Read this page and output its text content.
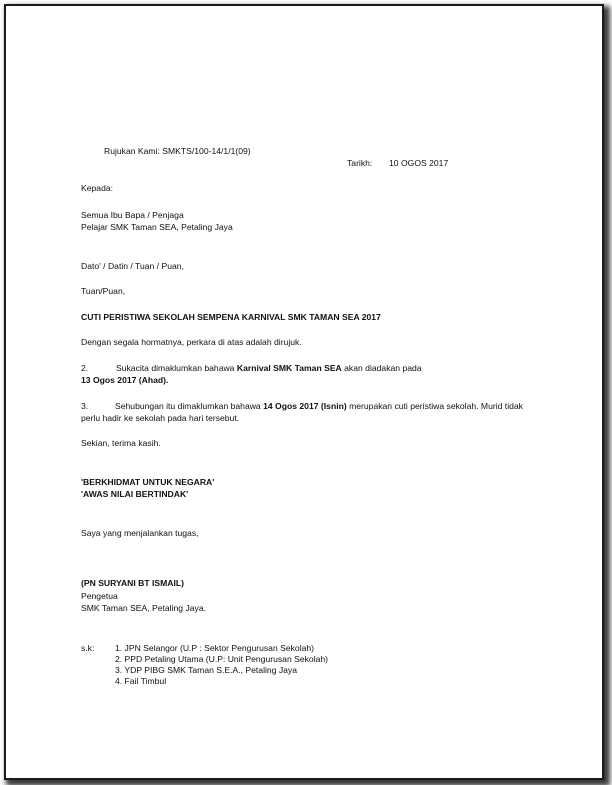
Rujukan Kami: SMKTS/100-14/1/1(09)
Tarikh: 10 OGOS 2017
Kepada:
Semua Ibu Bapa / Penjaga
Pelajar SMK Taman SEA, Petaling Jaya
Dato' / Datin / Tuan / Puan,
Tuan/Puan,
CUTI PERISTIWA SEKOLAH SEMPENA KARNIVAL SMK TAMAN SEA 2017
Dengan segala hormatnya, perkara di atas adalah dirujuk.
2.	Sukacita dimaklumkan bahawa Karnival SMK Taman SEA akan diadakan pada
13 Ogos 2017 (Ahad).
3.	Sehubungan itu dimaklumkan bahawa 14 Ogos 2017 (Isnin) merupakan cuti peristiwa sekolah. Murid tidak perlu hadir ke sekolah pada hari tersebut.
Sekian, terima kasih.
'BERKHIDMAT UNTUK NEGARA'
'AWAS NILAI BERTINDAK'
Saya yang menjalankan tugas,
(PN SURYANI BT ISMAIL)
Pengetua
SMK Taman SEA, Petaling Jaya.
s.k: 1. JPN Selangor (U.P : Sektor Pengurusan Sekolah)
2. PPD Petaling Utama (U.P: Unit Pengurusan Sekolah)
3. YDP PIBG SMK Taman S.E.A., Petaling Jaya
4. Fail Timbul
